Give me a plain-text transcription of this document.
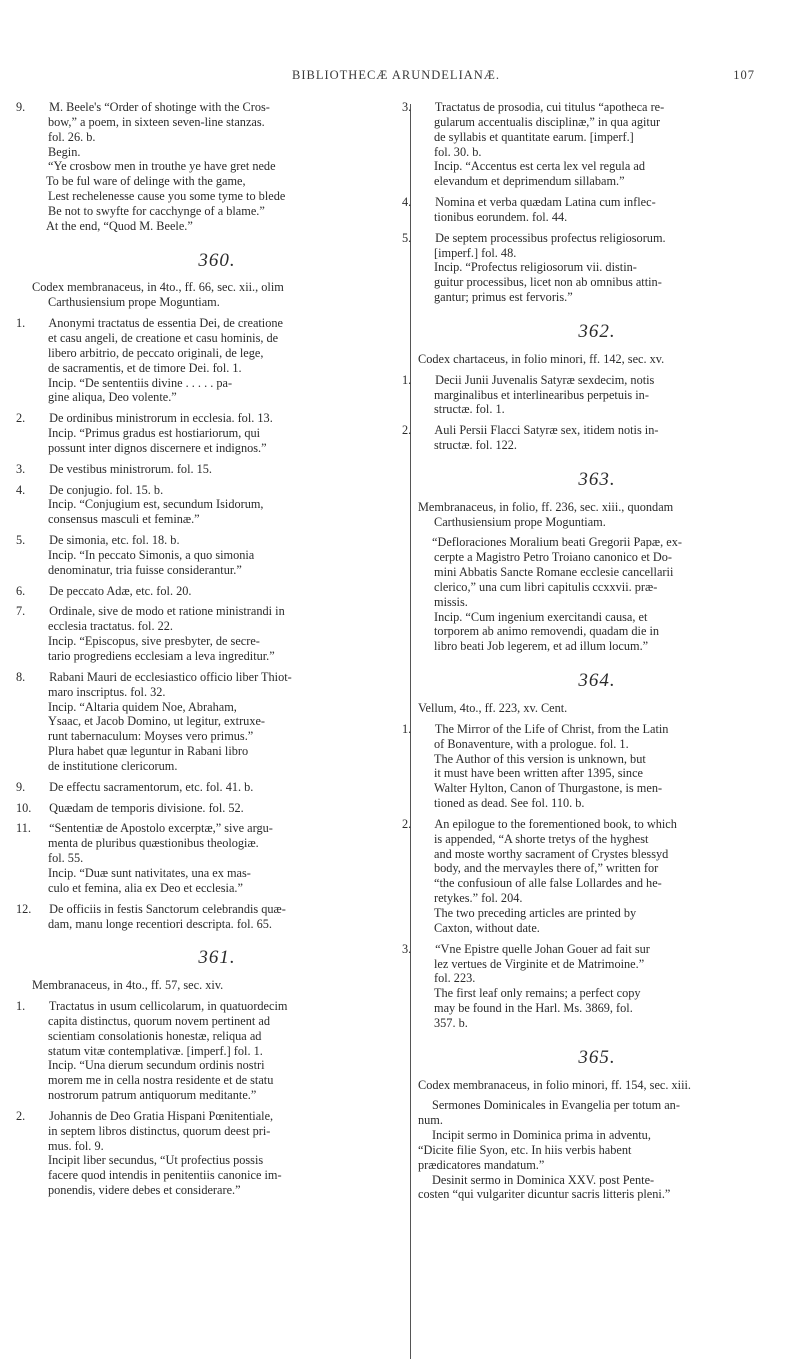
BIBLIOTHECÆ ARUNDELIANÆ.	107

9. M. Beele's “Order of shotinge with the Cros-

bow,” a poem, in sixteen seven-line stanzas.

fol. 26. b.

Begin.

“Ye crosbow men in trouthe ye have gret nede

To be ful ware of delinge with the game,

Lest rechelenesse cause you some tyme to blede

Be not to swyfte for cacchynge of a blame.”

At the end, “Quod M. Beele.”

360.

Codex membranaceus, in 4to., ff. 66, sec. xii., olim

Carthusiensium prope Moguntiam.

1. Anonymi tractatus de essentia Dei, de creatione

et casu angeli, de creatione et casu hominis, de

libero arbitrio, de peccato originali, de lege,

de sacramentis, et de timore Dei. fol. 1.

Incip. “De sententiis divine . . . . . pa-

gine aliqua, Deo volente.”

2. De ordinibus ministrorum in ecclesia. fol. 13.

Incip. “Primus gradus est hostiariorum, qui

possunt inter dignos discernere et indignos.”

3. De vestibus ministrorum. fol. 15.

4. De conjugio. fol. 15. b.

Incip. “Conjugium est, secundum Isidorum,

consensus masculi et feminæ.”

5. De simonia, etc. fol. 18. b.

Incip. “In peccato Simonis, a quo simonia

denominatur, tria fuisse considerantur.”

6. De peccato Adæ, etc. fol. 20.

7. Ordinale, sive de modo et ratione ministrandi in

ecclesia tractatus. fol. 22.

Incip. “Episcopus, sive presbyter, de secre-

tario progrediens ecclesiam a leva ingreditur.”

8. Rabani Mauri de ecclesiastico officio liber Thiot-

maro inscriptus. fol. 32.

Incip. “Altaria quidem Noe, Abraham,

Ysaac, et Jacob Domino, ut legitur, extruxe-

runt tabernaculum: Moyses vero primus.”

Plura habet quæ leguntur in Rabani libro

de institutione clericorum.

9. De effectu sacramentorum, etc. fol. 41. b.

10. Quædam de temporis divisione. fol. 52.

11. “Sententiæ de Apostolo excerptæ,” sive argu-

menta de pluribus quæstionibus theologiæ.

fol. 55.

Incip. “Duæ sunt nativitates, una ex mas-

culo et femina, alia ex Deo et ecclesia.”

12. De officiis in festis Sanctorum celebrandis quæ-

dam, manu longe recentiori descripta. fol. 65.

361.

Membranaceus, in 4to., ff. 57, sec. xiv.

1. Tractatus in usum cellicolarum, in quatuordecim

capita distinctus, quorum novem pertinent ad

scientiam consolationis honestæ, reliqua ad

statum vitæ contemplativæ. [imperf.] fol. 1.

Incip. “Una dierum secundum ordinis nostri

morem me in cella nostra residente et de statu

nostrorum patrum antiquorum meditante.”

2. Johannis de Deo Gratia Hispani Pœnitentiale,

in septem libros distinctus, quorum deest pri-

mus. fol. 9.

Incipit liber secundus, “Ut profectius possis

facere quod intendis in penitentiis canonice im-

ponendis, videre debes et considerare.”

3. Tractatus de prosodia, cui titulus “apotheca re-

gularum accentualis disciplinæ,” in qua agitur

de syllabis et quantitate earum. [imperf.]

fol. 30. b.

Incip. “Accentus est certa lex vel regula ad

elevandum et deprimendum sillabam.”

4. Nomina et verba quædam Latina cum inflec-

tionibus eorundem. fol. 44.

5. De septem processibus profectus religiosorum.

[imperf.] fol. 48.

Incip. “Profectus religiosorum vii. distin-

guitur processibus, licet non ab omnibus attin-

gantur; primus est fervoris.”

362.

Codex chartaceus, in folio minori, ff. 142, sec. xv.

1. Decii Junii Juvenalis Satyræ sexdecim, notis

marginalibus et interlinearibus perpetuis in-

structæ. fol. 1.

2. Auli Persii Flacci Satyræ sex, itidem notis in-

structæ. fol. 122.

363.

Membranaceus, in folio, ff. 236, sec. xiii., quondam

Carthusiensium prope Moguntiam.

“Defloraciones Moralium beati Gregorii Papæ, ex-

cerpte a Magistro Petro Troiano canonico et Do-

mini Abbatis Sancte Romane ecclesie cancellarii

clerico,” una cum libri capitulis ccxxvii. præ-

missis.

Incip. “Cum ingenium exercitandi causa, et

torporem ab animo removendi, quadam die in

libro beati Job legerem, et ad illum locum.”

364.

Vellum, 4to., ff. 223, xv. Cent.

1. The Mirror of the Life of Christ, from the Latin

of Bonaventure, with a prologue. fol. 1.

The Author of this version is unknown, but

it must have been written after 1395, since

Walter Hylton, Canon of Thurgastone, is men-

tioned as dead. See fol. 110. b.

2. An epilogue to the forementioned book, to which

is appended, “A shorte tretys of the hyghest

and moste worthy sacrament of Crystes blessyd

body, and the mervayles there of,” written for

“the confusioun of alle false Lollardes and he-

retykes.” fol. 204.

The two preceding articles are printed by

Caxton, without date.

3. “Vne Epistre quelle Johan Gouer ad fait sur

lez vertues de Virginite et de Matrimoine.”

fol. 223.

The first leaf only remains; a perfect copy

may be found in the Harl. Ms. 3869, fol.

357. b.

365.

Codex membranaceus, in folio minori, ff. 154, sec. xiii.

Sermones Dominicales in Evangelia per totum an-

num.

Incipit sermo in Dominica prima in adventu,

“Dicite filie Syon, etc. In hiis verbis habent

prædicatores mandatum.”

Desinit sermo in Dominica XXV. post Pente-

costen “qui vulgariter dicuntur sacris litteris pleni.”
